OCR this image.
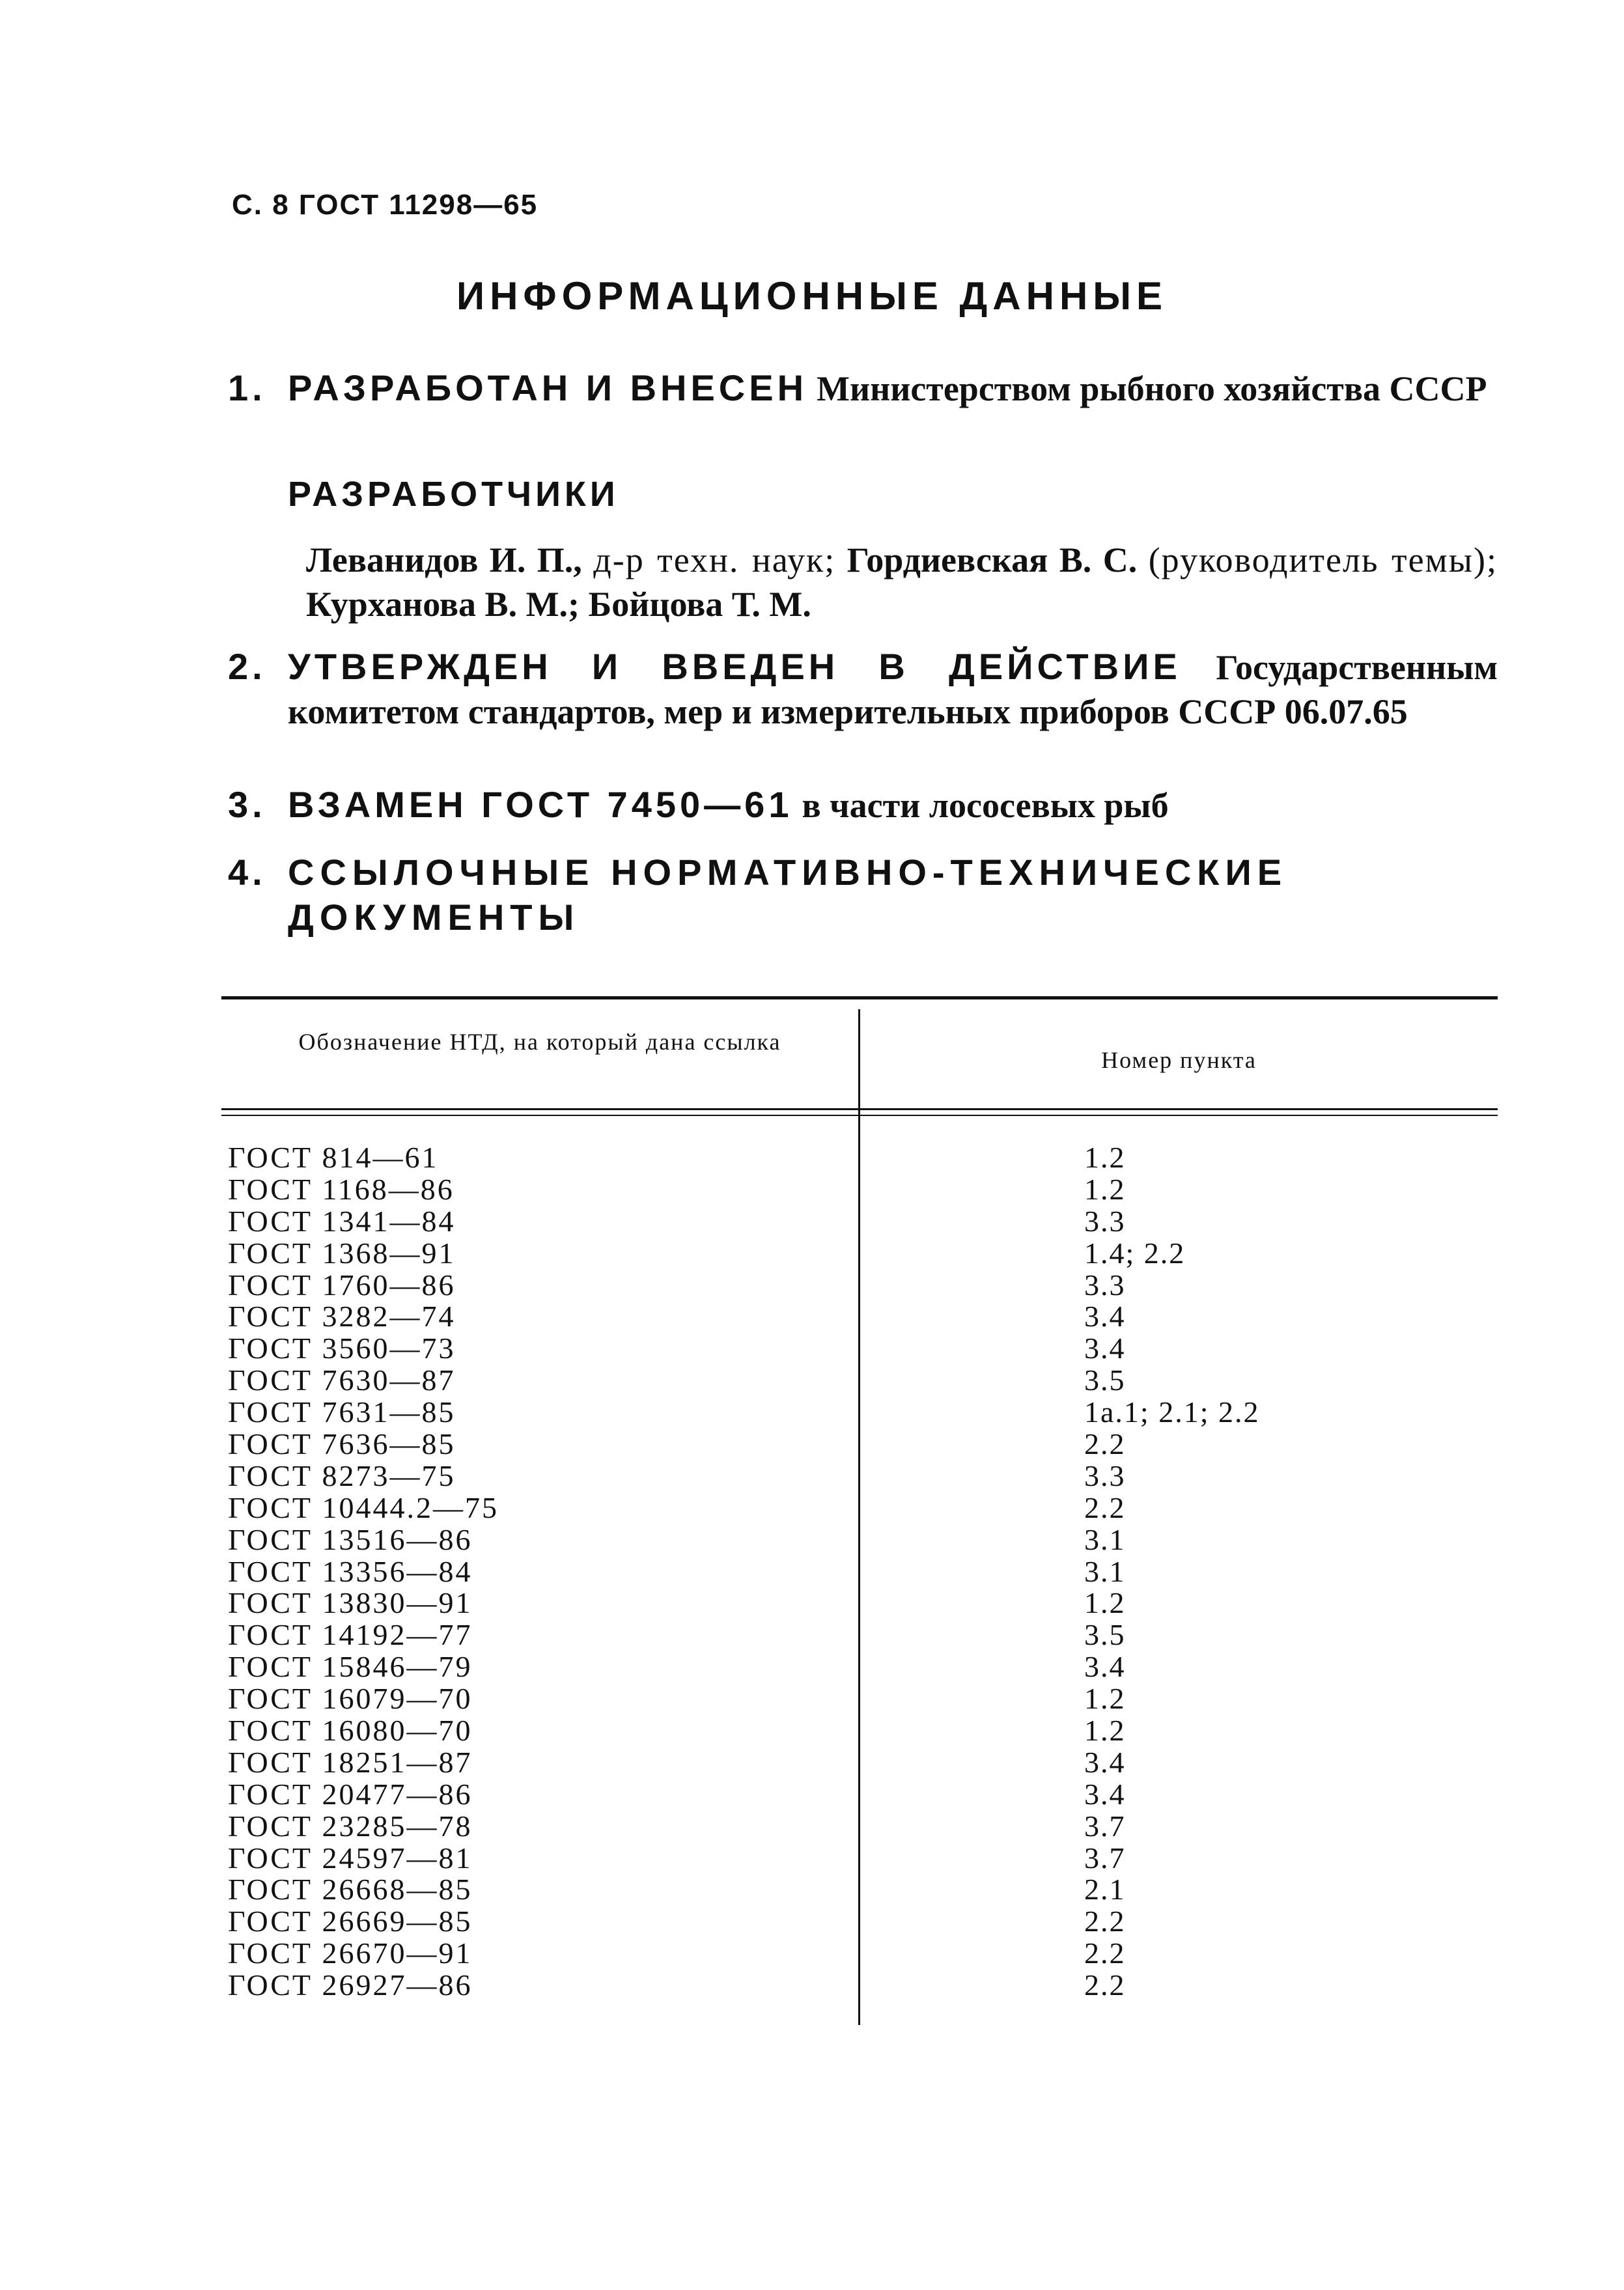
С. 8 ГОСТ 11298—65
ИНФОРМАЦИОННЫЕ ДАННЫЕ
1. РАЗРАБОТАН И ВНЕСЕН Министерством рыбного хозяйства СССР
РАЗРАБОТЧИКИ
Леванидов И. П., д-р техн. наук; Гордиевская В. С. (руководитель темы); Курханова В. М.; Бойцова Т. М.
2. УТВЕРЖДЕН И ВВЕДЕН В ДЕЙСТВИЕ Государственным комитетом стандартов, мер и измерительных приборов СССР 06.07.65
3. ВЗАМЕН ГОСТ 7450—61 в части лососевых рыб
4. ССЫЛОЧНЫЕ НОРМАТИВНО-ТЕХНИЧЕСКИЕ ДОКУМЕНТЫ
Обозначение НТД, на который дана ссылка
Номер пункта
ГОСТ 814—61	1.2
ГОСТ 1168—86	1.2
ГОСТ 1341—84	3.3
ГОСТ 1368—91	1.4; 2.2
ГОСТ 1760—86	3.3
ГОСТ 3282—74	3.4
ГОСТ 3560—73	3.4
ГОСТ 7630—87	3.5
ГОСТ 7631—85	1а.1; 2.1; 2.2
ГОСТ 7636—85	2.2
ГОСТ 8273—75	3.3
ГОСТ 10444.2—75	2.2
ГОСТ 13516—86	3.1
ГОСТ 13356—84	3.1
ГОСТ 13830—91	1.2
ГОСТ 14192—77	3.5
ГОСТ 15846—79	3.4
ГОСТ 16079—70	1.2
ГОСТ 16080—70	1.2
ГОСТ 18251—87	3.4
ГОСТ 20477—86	3.4
ГОСТ 23285—78	3.7
ГОСТ 24597—81	3.7
ГОСТ 26668—85	2.1
ГОСТ 26669—85	2.2
ГОСТ 26670—91	2.2
ГОСТ 26927—86	2.2
